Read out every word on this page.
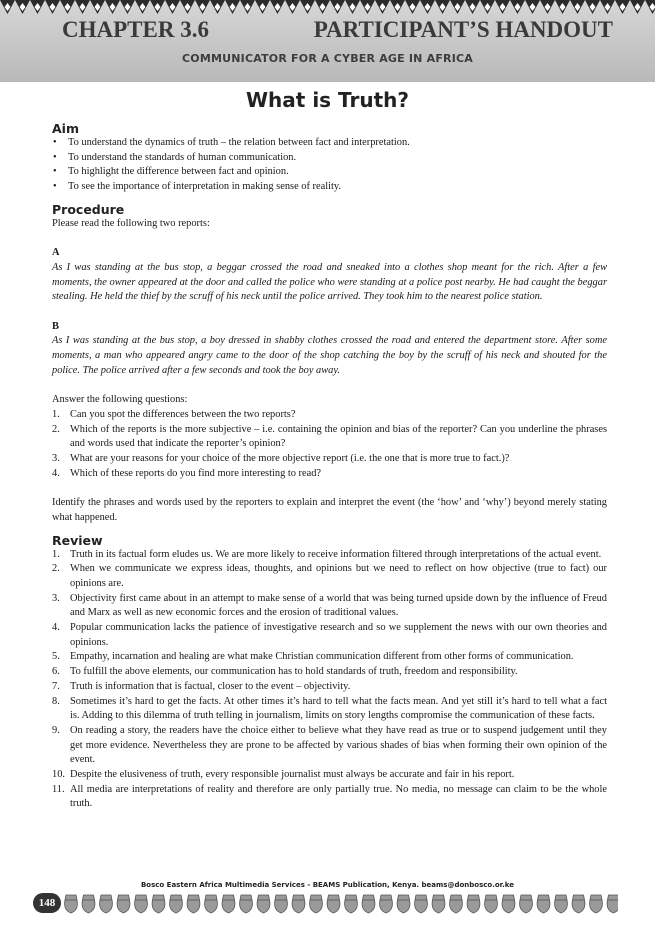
CHAPTER 3.6	PARTICIPANT’S HANDOUT
COMMUNICATOR FOR A CYBER AGE IN AFRICA
What is Truth?
Aim
• To understand the dynamics of truth – the relation between fact and interpretation.
• To understand the standards of human communication.
• To highlight the difference between fact and opinion.
• To see the importance of interpretation in making sense of reality.
Procedure

Please read the following two reports:

A

As I was standing at the bus stop, a beggar crossed the road and sneaked into a clothes shop meant for the rich. After a few moments, the owner appeared at the door and called the police who were standing at a police post nearby. He had caught the beggar stealing. He held the thief by the scruff of his neck until the police arrived. They took him to the nearest police station.

B

As I was standing at the bus stop, a boy dressed in shabby clothes crossed the road and entered the department store. After some moments, a man who appeared angry came to the door of the shop catching the boy by the scruff of his neck and shouted for the police. The police arrived after a few seconds and took the boy away.

Answer the following questions:

1. Can you spot the differences between the two reports?
2. Which of the reports is the more subjective – i.e. containing the opinion and bias of the reporter? Can you underline the phrases and words used that indicate the reporter’s opinion?
3. What are your reasons for your choice of the more objective report (i.e. the one that is more true to fact.)?
4. Which of these reports do you find more interesting to read?

Identify the phrases and words used by the reporters to explain and interpret the event (the ‘how’ and ‘why’) beyond merely stating what happened.

Review
1. Truth in its factual form eludes us. We are more likely to receive information filtered through interpretations of the actual event.
2. When we communicate we express ideas, thoughts, and opinions but we need to reflect on how objective (true to fact) our opinions are.
3. Objectivity first came about in an attempt to make sense of a world that was being turned upside down by the influence of Freud and Marx as well as new economic forces and the erosion of traditional values.
4. Popular communication lacks the patience of investigative research and so we supplement the news with our own theories and opinions.
5. Empathy, incarnation and healing are what make Christian communication different from other forms of communication.
6. To fulfill the above elements, our communication has to hold standards of truth, freedom and responsibility.
7. Truth is information that is factual, closer to the event – objectivity.
8. Sometimes it’s hard to get the facts. At other times it’s hard to tell what the facts mean. And yet still it’s hard to tell what a fact is. Adding to this dilemma of truth telling in journalism, limits on story lengths compromise the communication of these facts.
9. On reading a story, the readers have the choice either to believe what they have read as true or to suspend judgement until they get more evidence. Nevertheless they are prone to be affected by various shades of bias when forming their own opinion of the event.
10. Despite the elusiveness of truth, every responsible journalist must always be accurate and fair in his report.
11. All media are interpretations of reality and therefore are only partially true. No media, no message can claim to be the whole truth.
Bosco Eastern Africa Multimedia Services - BEAMS Publication, Kenya. beams@donbosco.or.ke
148
